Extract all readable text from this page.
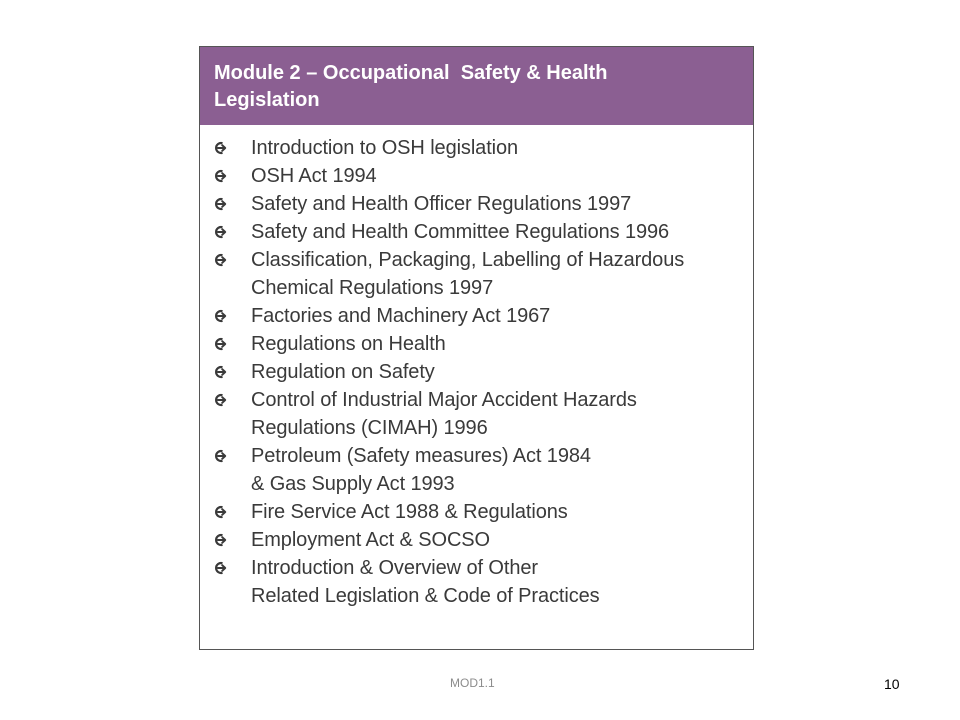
Module 2 – Occupational  Safety & Health
Legislation
Introduction to OSH legislation
OSH Act 1994
Safety and Health Officer Regulations 1997
Safety and Health Committee Regulations 1996
Classification, Packaging, Labelling of Hazardous
Chemical Regulations 1997
Factories and Machinery Act 1967
Regulations on Health
Regulation on Safety
Control of Industrial Major Accident Hazards
Regulations (CIMAH) 1996
Petroleum (Safety measures) Act 1984
& Gas Supply Act 1993
Fire Service Act 1988 & Regulations
Employment Act & SOCSO
Introduction & Overview of Other
Related Legislation & Code of Practices
MOD1.1	10
